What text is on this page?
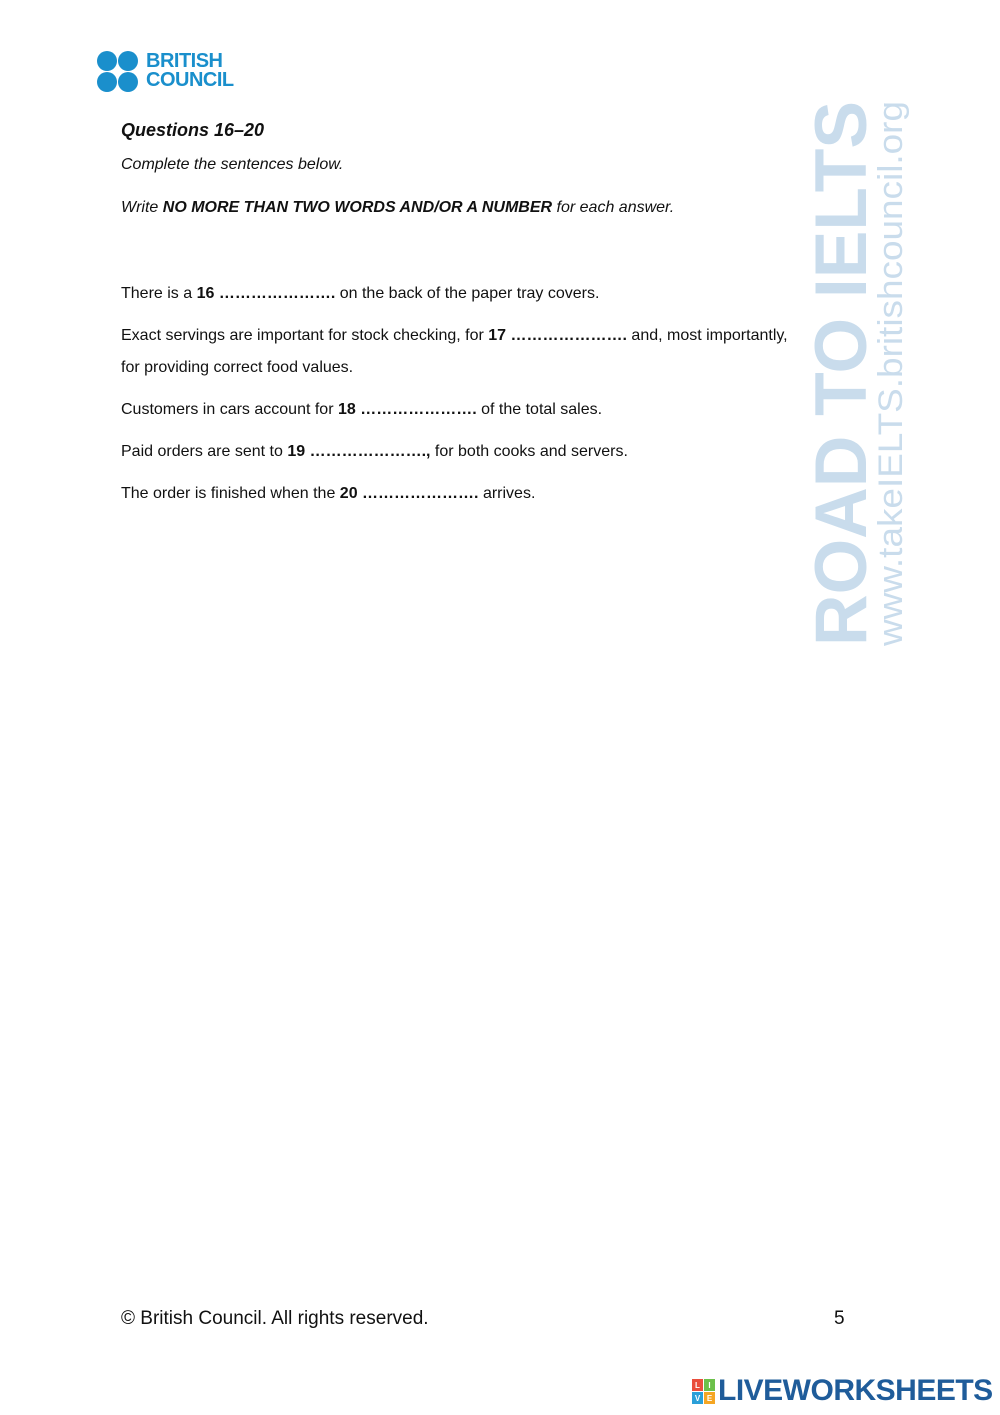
BRITISH
COUNCIL
ROAD TO IELTS
www.takeIELTS.britishcouncil.org
Questions 16–20
Complete the sentences below.
Write NO MORE THAN TWO WORDS AND/OR A NUMBER for each answer.
There is a 16 …………………. on the back of the paper tray covers.
Exact servings are important for stock checking, for 17 …………………. and, most importantly, for providing correct food values.
Customers in cars account for 18 …………………. of the total sales.
Paid orders are sent to 19 …………………., for both cooks and servers.
The order is finished when the 20 …………………. arrives.
© British Council. All rights reserved.	5
L	I
V E LIVEWORKSHEETS
